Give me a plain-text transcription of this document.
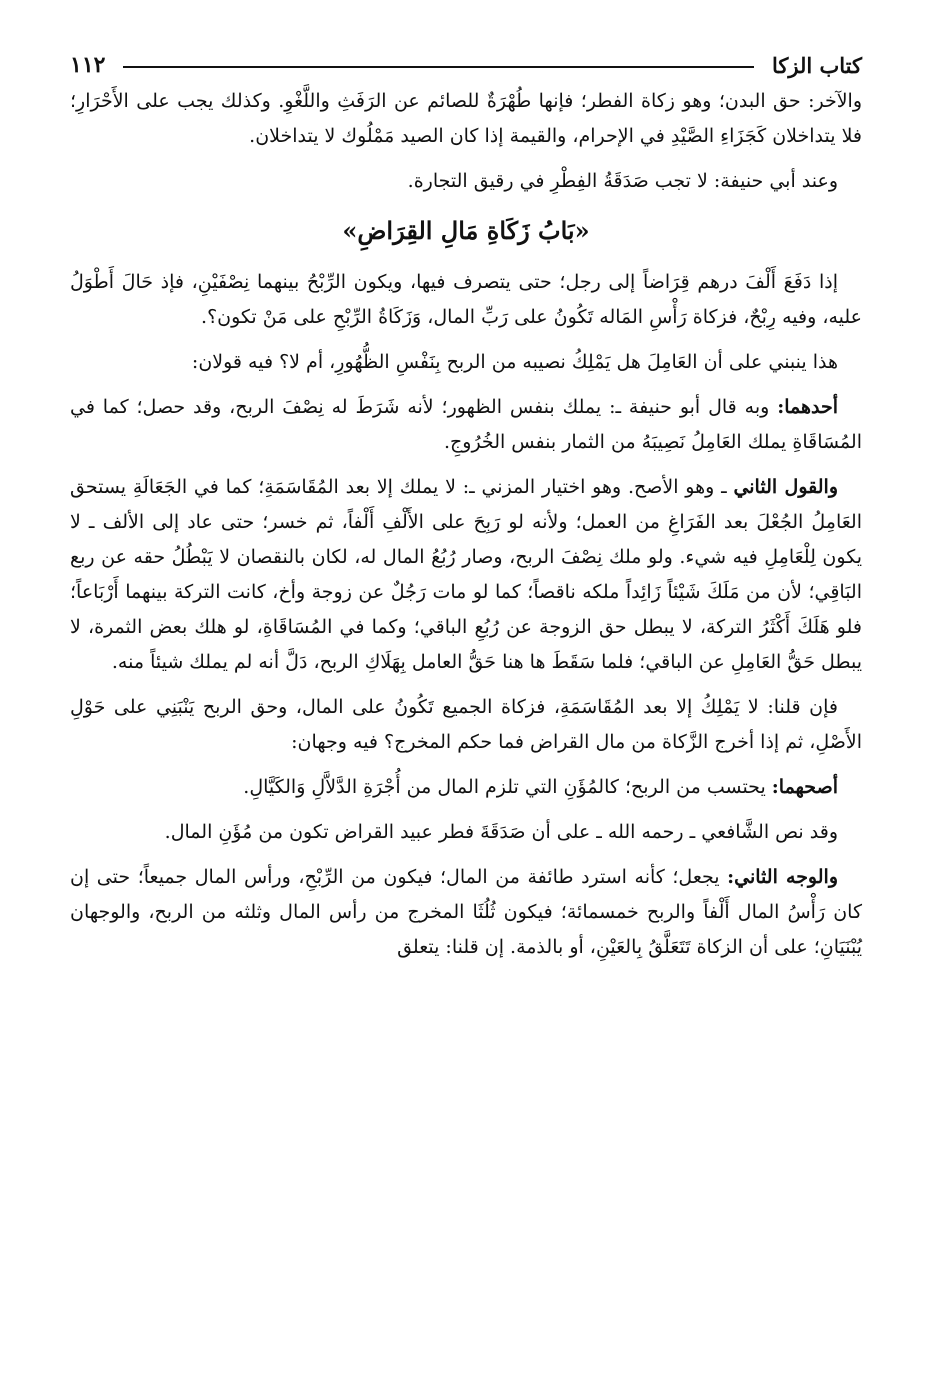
١١٢	كتاب الزكا

والآخر: حق البدن؛ وهو زكاة الفطر؛ فإنها طُهْرَةٌ للصائم عن الرَفَثِ واللَّغْوِ. وكذلك يجب على الأَحْرَارِ؛ فلا يتداخلان كَجَزَاءِ الصَّيْدِ في الإحرام، والقيمة إذا كان الصيد مَمْلُوك لا يتداخلان.

وعند أبي حنيفة: لا تجب صَدَقَةُ الفِطْرِ في رقيق التجارة.

«بَابُ زَكَاةِ مَالِ القِرَاضِ»

إذا دَفَعَ أَلْفَ درهم قِرَاضاً إلى رجل؛ حتى يتصرف فيها، ويكون الرِّبْحُ بينهما نِصْفَيْنِ، فإذ حَالَ أَطْوَلُ عليه، وفيه رِبْحٌ، فزكاة رَأْسِ المَاله تَكُونُ على رَبِّ المال، وَزَكَاةُ الرِّبْحِ على مَنْ تكون؟.

هذا ينبني على أن العَامِلَ هل يَمْلِكُ نصيبه من الربح بِنَفْسِ الظُّهُورِ، أم لا؟ فيه قولان:

أحدهما: وبه قال أبو حنيفة ـ: يملك بنفس الظهور؛ لأنه شَرَطَ له نِصْفَ الربح، وقد حصل؛ كما في المُسَاقَاةِ يملك العَامِلُ نَصِيبَهُ من الثمار بنفس الخُرُوجِ.

والقول الثاني ـ وهو الأصح. وهو اختيار المزني ـ: لا يملك إلا بعد المُقَاسَمَةِ؛ كما في الجَعَالَةِ يستحق العَامِلُ الجُعْلَ بعد الفَرَاغِ من العمل؛ ولأنه لو رَبِحَ على الأَلْفِ أَلْفاً، ثم خسر؛ حتى عاد إلى الألف ـ لا يكون لِلْعَامِلِ فيه شيء. ولو ملك نِصْفَ الربح، وصار رُبُعُ المال له، لكان بالنقصان لا يَبْطُلُ حقه عن ربع البَاقِي؛ لأن من مَلَكَ شَيْئاً زَائِداً ملكه ناقصاً؛ كما لو مات رَجُلٌ عن زوجة وأخ، كانت التركة بينهما أَرْبَاعاً؛ فلو هَلَكَ أَكْثَرُ التركة، لا يبطل حق الزوجة عن رُبُعِ الباقي؛ وكما في المُسَاقَاةِ، لو هلك بعض الثمرة، لا يبطل حَقُّ العَامِلِ عن الباقي؛ فلما سَقَطَ ها هنا حَقُّ العامل بِهَلَاكِ الربح، دَلَّ أنه لم يملك شيئاً منه.

فإن قلنا: لا يَمْلِكُ إلا بعد المُقَاسَمَةِ، فزكاة الجميع تَكُونُ على المال، وحق الربح يَنْبَنِي على حَوْلِ الأَصْلِ، ثم إذا أخرج الزَّكاة من مال القراض فما حكم المخرج؟ فيه وجهان:

أصحهما: يحتسب من الربح؛ كالمُؤَنِ التي تلزم المال من أُجْرَةِ الدَّلاَّلِ وَالكَيَّالِ.

وقد نص الشَّافعي ـ رحمه الله ـ على أن صَدَقَةَ فطر عبيد القراض تكون من مُؤَنِ المال.

والوجه الثاني: يجعل؛ كأنه استرد طائفة من المال؛ فيكون من الرِّبْحِ، ورأس المال جميعاً؛ حتى إن كان رَأْسُ المال أَلْفاً والربح خمسمائة؛ فيكون ثُلُثَا المخرج من رأس المال وثلثه من الربح، والوجهان يُبْنَيَانِ؛ على أن الزكاة تَتَعَلَّقُ بِالعَيْنِ، أو بالذمة. إن قلنا: يتعلق
